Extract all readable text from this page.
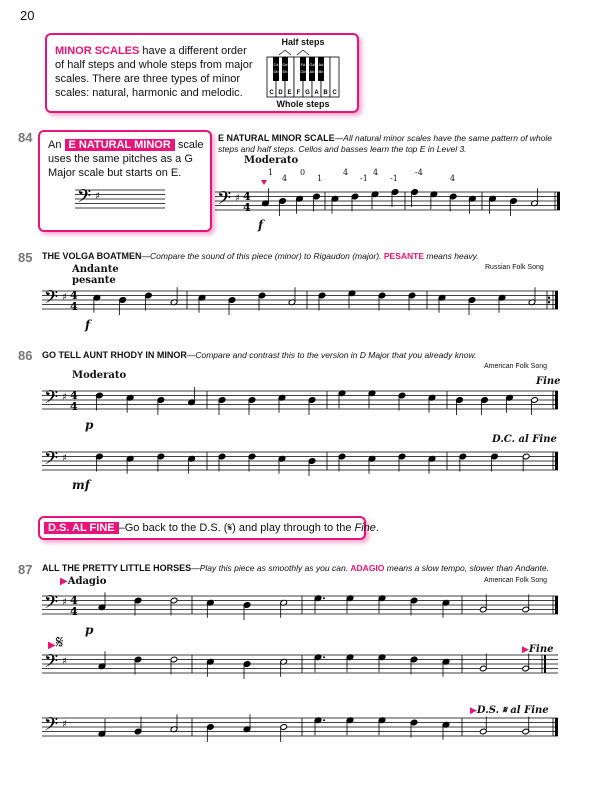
20
MINOR SCALES have a different order of half steps and whole steps from major scales. There are three types of minor scales: natural, harmonic and melodic.
Half steps
C D E F G A B C
C#
Db
D#
Eb
F#
Gb
G#
Ab
A#
Bb
Whole steps
84 An E NATURAL MINOR scale uses the same pitches as a G Major scale but starts on E.
𝄢 ♯
E NATURAL MINOR SCALE—All natural minor scales have the same pattern of whole steps and half steps. Cellos and basses learn the top E in Level 3.
Moderato
1
4
0
1
4
-1
4
-1
-4
4
𝄢 ♯ 4
4
f
85 THE VOLGA BOATMEN—Compare the sound of this piece (minor) to Rigaudon (major). PESANTE means heavy.
Russian Folk Song
Andante
pesante
𝄢 ♯ 4
4
f
86 GO TELL AUNT RHODY IN MINOR—Compare and contrast this to the version in D Major that you already know.
American Folk Song
Moderato
Fine
𝄢 ♯ 4
4
p
D.C. al Fine
𝄢 ♯
mf
D.S. AL FINE –Go back to the D.S. (𝄋) and play through to the Fine.
87 ALL THE PRETTY LITTLE HORSES—Play this piece as smoothly as you can. ADAGIO means a slow tempo, slower than Andante.
American Folk Song
▶Adagio
𝄢 ♯ 4
4
p
▶𝄋	▶Fine
𝄢 ♯
▶D.S. 𝄋 al Fine
𝄢 ♯
